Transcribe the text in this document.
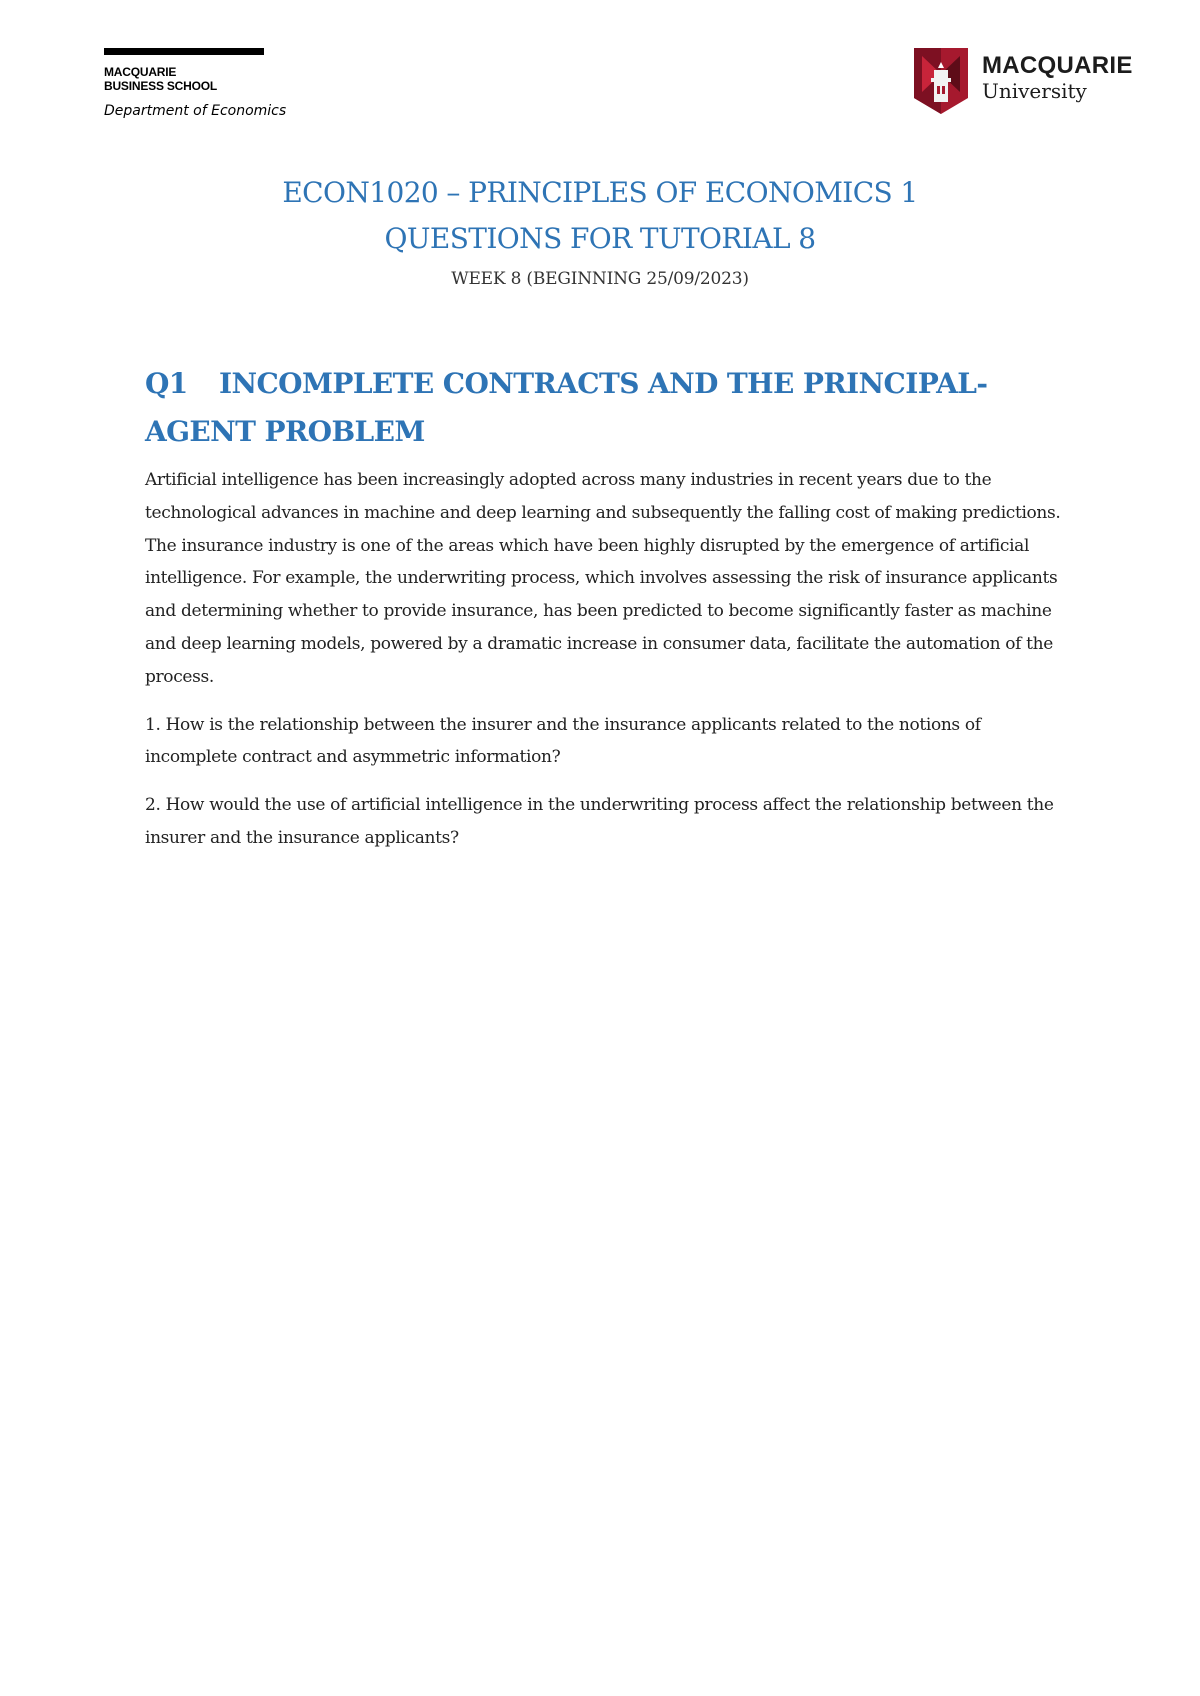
MACQUARIE
BUSINESS SCHOOL
Department of Economics
MACQUARIE
University
ECON1020 – PRINCIPLES OF ECONOMICS 1
QUESTIONS FOR TUTORIAL 8
WEEK 8 (BEGINNING 25/09/2023)
Q1 INCOMPLETE CONTRACTS AND THE PRINCIPAL-
AGENT PROBLEM

Artificial intelligence has been increasingly adopted across many industries in recent years due to the technological advances in machine and deep learning and subsequently the falling cost of making predictions. The insurance industry is one of the areas which have been highly disrupted by the emergence of artificial intelligence. For example, the underwriting process, which involves assessing the risk of insurance applicants and determining whether to provide insurance, has been predicted to become significantly faster as machine and deep learning models, powered by a dramatic increase in consumer data, facilitate the automation of the process.

1. How is the relationship between the insurer and the insurance applicants related to the notions of incomplete contract and asymmetric information?

2. How would the use of artificial intelligence in the underwriting process affect the relationship between the insurer and the insurance applicants?
